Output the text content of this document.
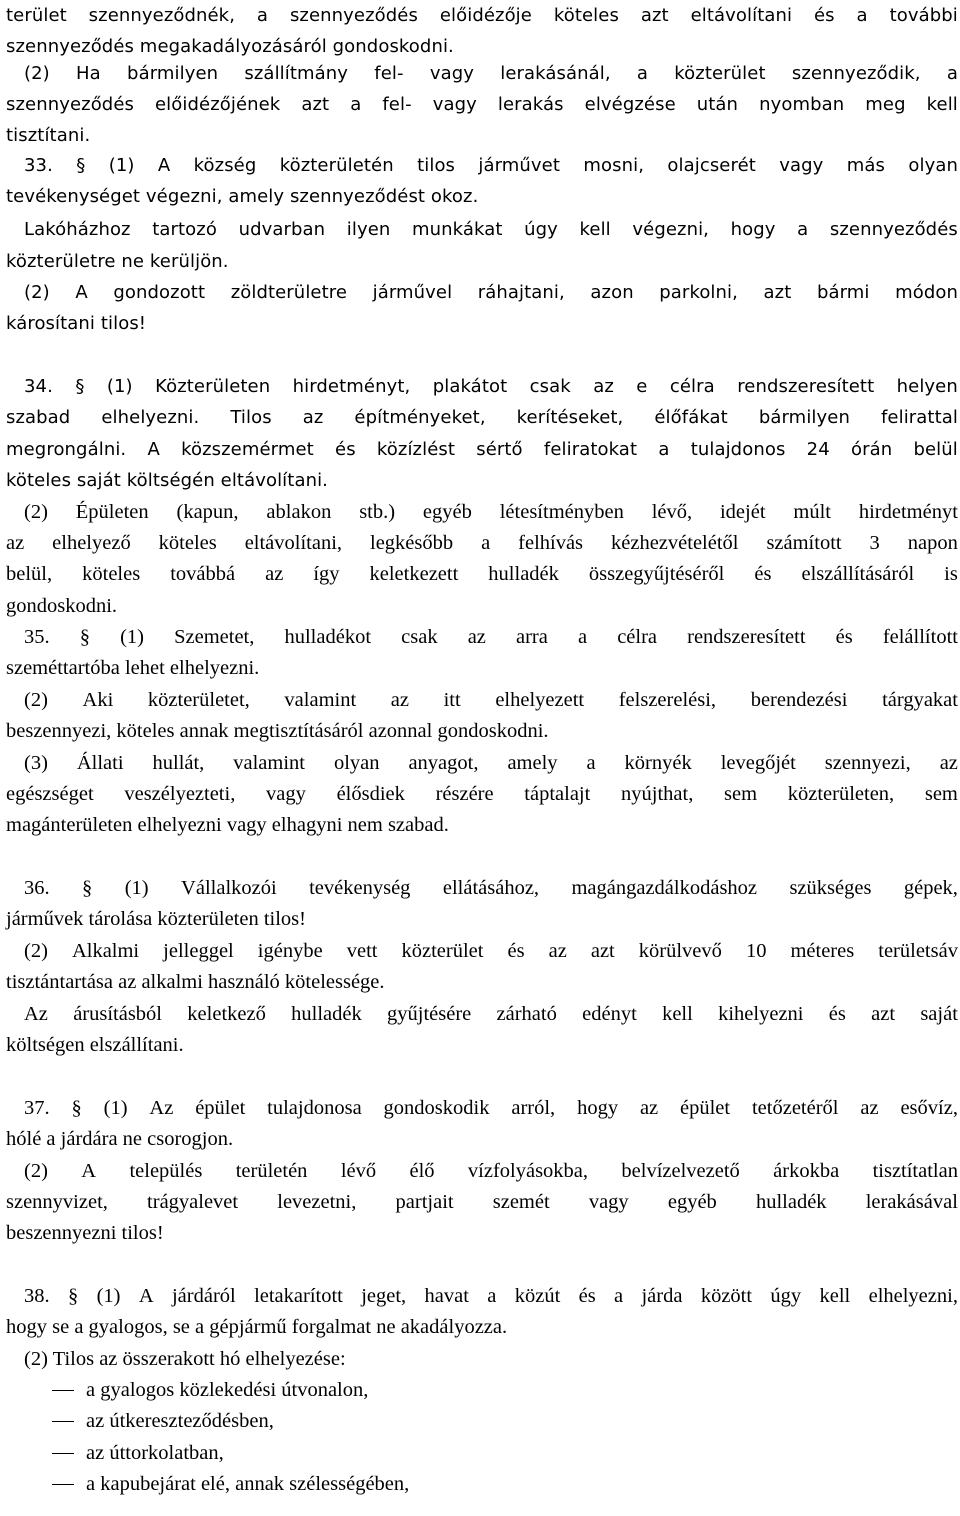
terület szennyeződnék, a szennyeződés előidézője köteles azt eltávolítani és a további
szennyeződés megakadályozásáról gondoskodni.
(2) Ha bármilyen szállítmány fel- vagy lerakásánál, a közterület szennyeződik, a
szennyeződés előidézőjének azt a fel- vagy lerakás elvégzése után nyomban meg kell
tisztítani.
33. § (1) A község közterületén tilos járművet mosni, olajcserét vagy más olyan
tevékenységet végezni, amely szennyeződést okoz.
Lakóházhoz tartozó udvarban ilyen munkákat úgy kell végezni, hogy a szennyeződés
közterületre ne kerüljön.
(2) A gondozott zöldterületre járművel ráhajtani, azon parkolni, azt bármi módon
károsítani tilos!
34. § (1) Közterületen hirdetményt, plakátot csak az e célra rendszeresített helyen
szabad elhelyezni. Tilos az építményeket, kerítéseket, élőfákat bármilyen felirattal
megrongálni. A közszemérmet és közízlést sértő feliratokat a tulajdonos 24 órán belül
köteles saját költségén eltávolítani.
(2) Épületen (kapun, ablakon stb.) egyéb létesítményben lévő, idejét múlt hirdetményt
az elhelyező köteles eltávolítani, legkésőbb a felhívás kézhezvételétől számított 3 napon
belül, köteles továbbá az így keletkezett hulladék összegyűjtéséről és elszállításáról is
gondoskodni.
35. § (1) Szemetet, hulladékot csak az arra a célra rendszeresített és felállított
szeméttartóba lehet elhelyezni.
(2) Aki közterületet, valamint az itt elhelyezett felszerelési, berendezési tárgyakat
beszennyezi, köteles annak megtisztításáról azonnal gondoskodni.
(3) Állati hullát, valamint olyan anyagot, amely a környék levegőjét szennyezi, az
egészséget veszélyezteti, vagy élősdiek részére táptalajt nyújthat, sem közterületen, sem
magánterületen elhelyezni vagy elhagyni nem szabad.
36. § (1) Vállalkozói tevékenység ellátásához, magángazdálkodáshoz szükséges gépek,
járművek tárolása közterületen tilos!
(2) Alkalmi jelleggel igénybe vett közterület és az azt körülvevő 10 méteres területsáv
tisztántartása az alkalmi használó kötelessége.
Az árusításból keletkező hulladék gyűjtésére zárható edényt kell kihelyezni és azt saját
költségen elszállítani.
37. § (1) Az épület tulajdonosa gondoskodik arról, hogy az épület tetőzetéről az esővíz,
hólé a járdára ne csorogjon.
(2) A település területén lévő élő vízfolyásokba, belvízelvezető árkokba tisztítatlan
szennyvizet, trágyalevet levezetni, partjait szemét vagy egyéb hulladék lerakásával
beszennyezni tilos!
38. § (1) A járdáról letakarított jeget, havat a közút és a járda között úgy kell elhelyezni,
hogy se a gyalogos, se a gépjármű forgalmat ne akadályozza.
(2) Tilos az összerakott hó elhelyezése:
a gyalogos közlekedési útvonalon,
az útkereszteződésben,
az úttorkolatban,
a kapubejárat elé, annak szélességében,
